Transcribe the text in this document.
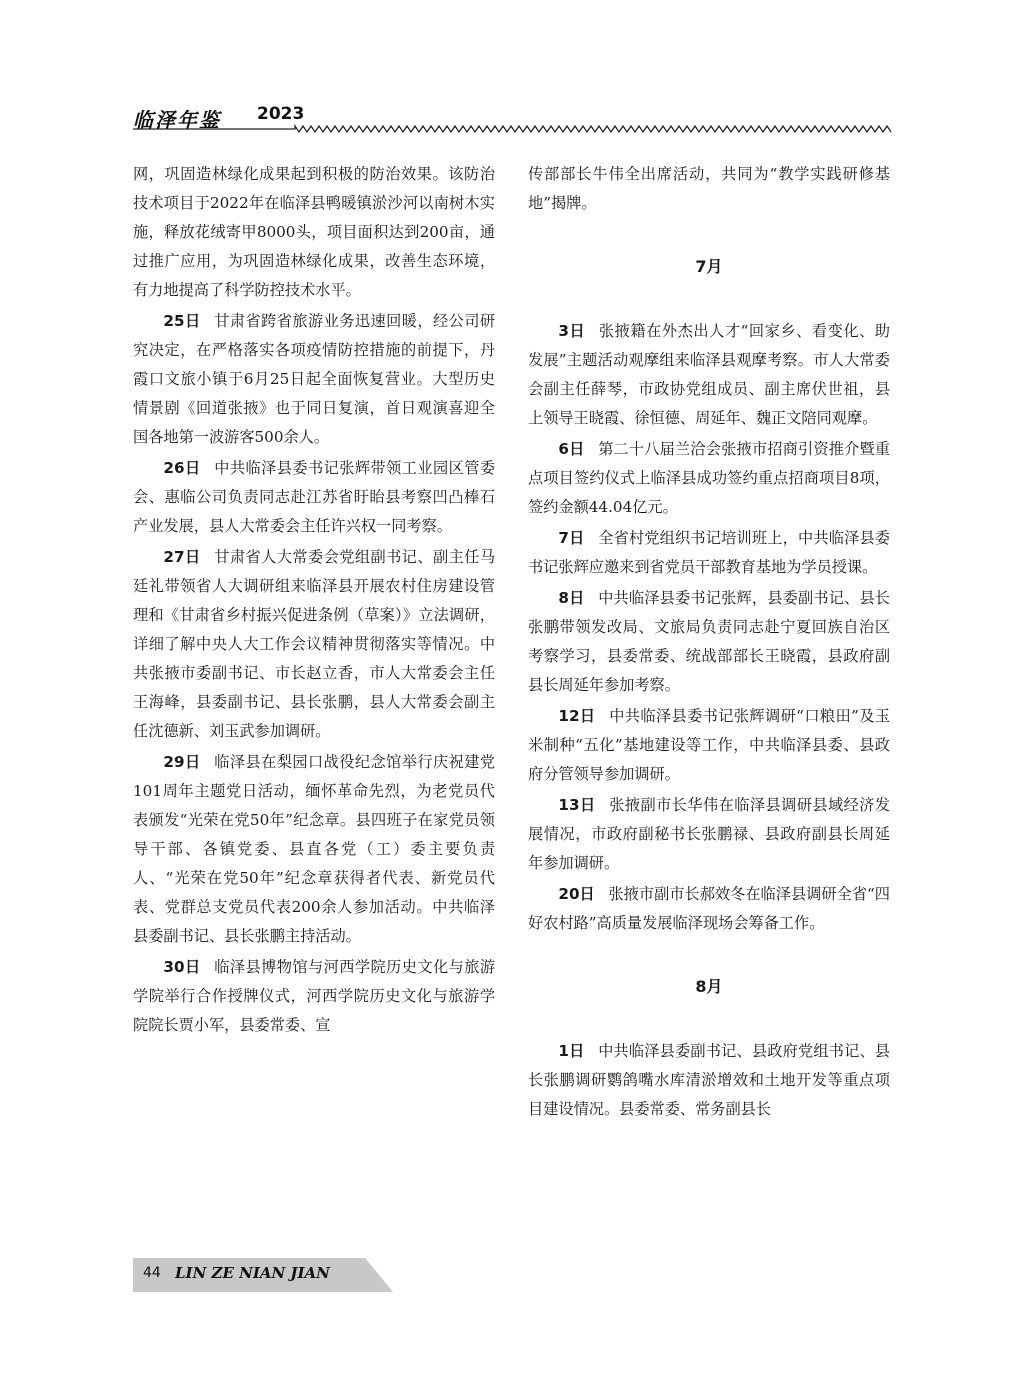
临泽年鉴 2023

网，巩固造林绿化成果起到积极的防治效果。该防治技术项目于2022年在临泽县鸭暖镇淤沙河以南树木实施，释放花绒寄甲8000头，项目面积达到200亩，通过推广应用，为巩固造林绿化成果，改善生态环境，有力地提高了科学防控技术水平。

25日 甘肃省跨省旅游业务迅速回暖，经公司研究决定，在严格落实各项疫情防控措施的前提下，丹霞口文旅小镇于6月25日起全面恢复营业。大型历史情景剧《回道张掖》也于同日复演，首日观演喜迎全国各地第一波游客500余人。

26日 中共临泽县委书记张辉带领工业园区管委会、惠临公司负责同志赴江苏省盱眙县考察凹凸棒石产业发展，县人大常委会主任许兴权一同考察。

27日 甘肃省人大常委会党组副书记、副主任马廷礼带领省人大调研组来临泽县开展农村住房建设管理和《甘肃省乡村振兴促进条例（草案）》立法调研，详细了解中央人大工作会议精神贯彻落实等情况。中共张掖市委副书记、市长赵立香，市人大常委会主任王海峰，县委副书记、县长张鹏，县人大常委会副主任沈德新、刘玉武参加调研。

29日 临泽县在梨园口战役纪念馆举行庆祝建党101周年主题党日活动，缅怀革命先烈，为老党员代表颁发“光荣在党50年”纪念章。县四班子在家党员领导干部、各镇党委、县直各党（工）委主要负责人、“光荣在党50年”纪念章获得者代表、新党员代表、党群总支党员代表200余人参加活动。中共临泽县委副书记、县长张鹏主持活动。

30日 临泽县博物馆与河西学院历史文化与旅游学院举行合作授牌仪式，河西学院历史文化与旅游学院院长贾小军，县委常委、宣

传部部长牛伟全出席活动，共同为“教学实践研修基地”揭牌。

7月

3日 张掖籍在外杰出人才“回家乡、看变化、助发展”主题活动观摩组来临泽县观摩考察。市人大常委会副主任薛琴，市政协党组成员、副主席伏世祖，县上领导王晓霞、徐恒德、周延年、魏正文陪同观摩。

6日 第二十八届兰洽会张掖市招商引资推介暨重点项目签约仪式上临泽县成功签约重点招商项目8项，签约金额44.04亿元。

7日 全省村党组织书记培训班上，中共临泽县委书记张辉应邀来到省党员干部教育基地为学员授课。

8日 中共临泽县委书记张辉，县委副书记、县长张鹏带领发改局、文旅局负责同志赴宁夏回族自治区考察学习，县委常委、统战部部长王晓霞，县政府副县长周延年参加考察。

12日 中共临泽县委书记张辉调研“口粮田”及玉米制种“五化”基地建设等工作，中共临泽县委、县政府分管领导参加调研。

13日 张掖副市长华伟在临泽县调研县域经济发展情况，市政府副秘书长张鹏禄、县政府副县长周延年参加调研。

20日 张掖市副市长郝效冬在临泽县调研全省“四好农村路”高质量发展临泽现场会筹备工作。

8月

1日 中共临泽县委副书记、县政府党组书记、县长张鹏调研鹦鸽嘴水库清淤增效和土地开发等重点项目建设情况。县委常委、常务副县长

44 LIN ZE NIAN JIAN
